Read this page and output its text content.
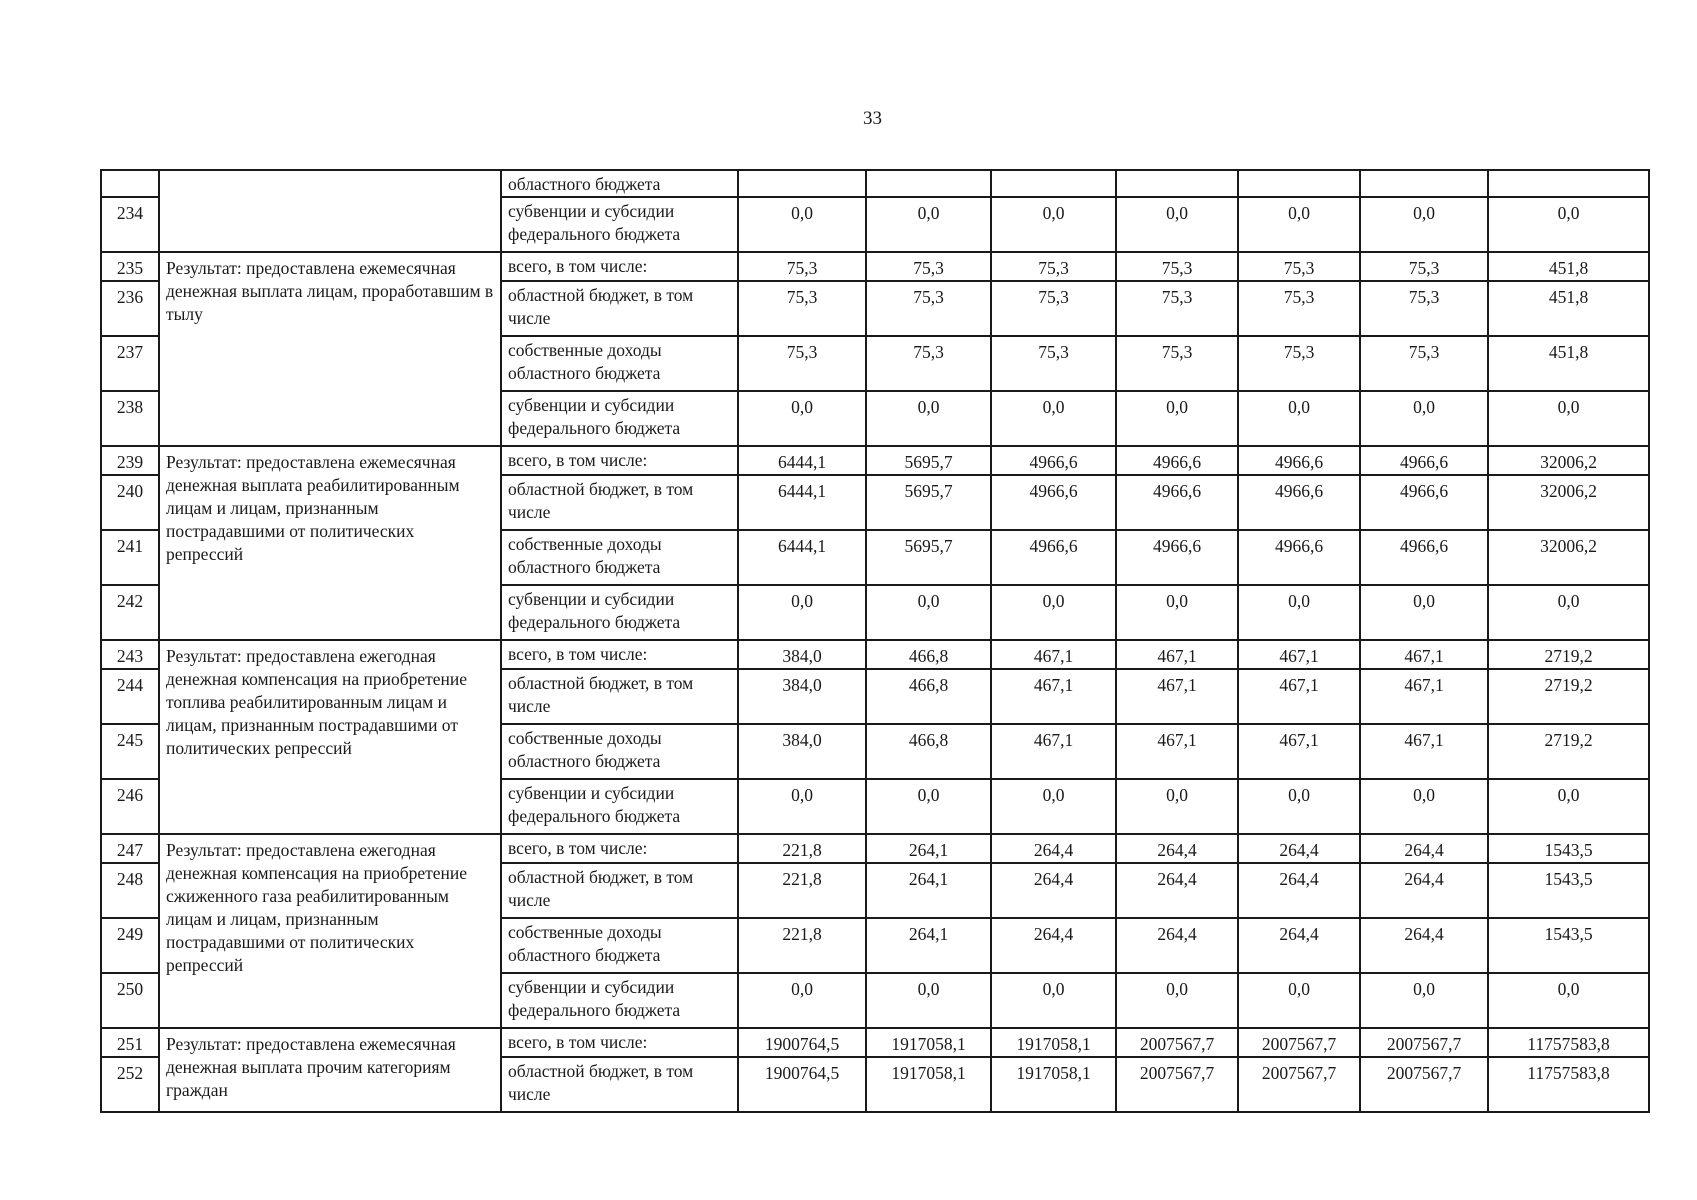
33
		областного бюджета							
234		субвенции и субсидии федерального бюджета	0,0	0,0	0,0	0,0	0,0	0,0	0,0
235	Результат: предоставлена ежемесячная денежная выплата лицам, проработавшим в тылу	всего, в том числе:	75,3	75,3	75,3	75,3	75,3	75,3	451,8
236		областной бюджет, в том числе	75,3	75,3	75,3	75,3	75,3	75,3	451,8
237		собственные доходы областного бюджета	75,3	75,3	75,3	75,3	75,3	75,3	451,8
238		субвенции и субсидии федерального бюджета	0,0	0,0	0,0	0,0	0,0	0,0	0,0
239	Результат: предоставлена ежемесячная денежная выплата реабилитированным лицам и лицам, признанным пострадавшими от политических репрессий	всего, в том числе:	6444,1	5695,7	4966,6	4966,6	4966,6	4966,6	32006,2
240		областной бюджет, в том числе	6444,1	5695,7	4966,6	4966,6	4966,6	4966,6	32006,2
241		собственные доходы областного бюджета	6444,1	5695,7	4966,6	4966,6	4966,6	4966,6	32006,2
242		субвенции и субсидии федерального бюджета	0,0	0,0	0,0	0,0	0,0	0,0	0,0
243	Результат: предоставлена ежегодная денежная компенсация на приобретение топлива реабилитированным лицам и лицам, признанным пострадавшими от политических репрессий	всего, в том числе:	384,0	466,8	467,1	467,1	467,1	467,1	2719,2
244		областной бюджет, в том числе	384,0	466,8	467,1	467,1	467,1	467,1	2719,2
245		собственные доходы областного бюджета	384,0	466,8	467,1	467,1	467,1	467,1	2719,2
246		субвенции и субсидии федерального бюджета	0,0	0,0	0,0	0,0	0,0	0,0	0,0
247	Результат: предоставлена ежегодная денежная компенсация на приобретение сжиженного газа реабилитированным лицам и лицам, признанным пострадавшими от политических репрессий	всего, в том числе:	221,8	264,1	264,4	264,4	264,4	264,4	1543,5
248		областной бюджет, в том числе	221,8	264,1	264,4	264,4	264,4	264,4	1543,5
249		собственные доходы областного бюджета	221,8	264,1	264,4	264,4	264,4	264,4	1543,5
250		субвенции и субсидии федерального бюджета	0,0	0,0	0,0	0,0	0,0	0,0	0,0
251	Результат: предоставлена ежемесячная денежная выплата прочим категориям граждан	всего, в том числе:	1900764,5	1917058,1	1917058,1	2007567,7	2007567,7	2007567,7	11757583,8
252		областной бюджет, в том числе	1900764,5	1917058,1	1917058,1	2007567,7	2007567,7	2007567,7	11757583,8
